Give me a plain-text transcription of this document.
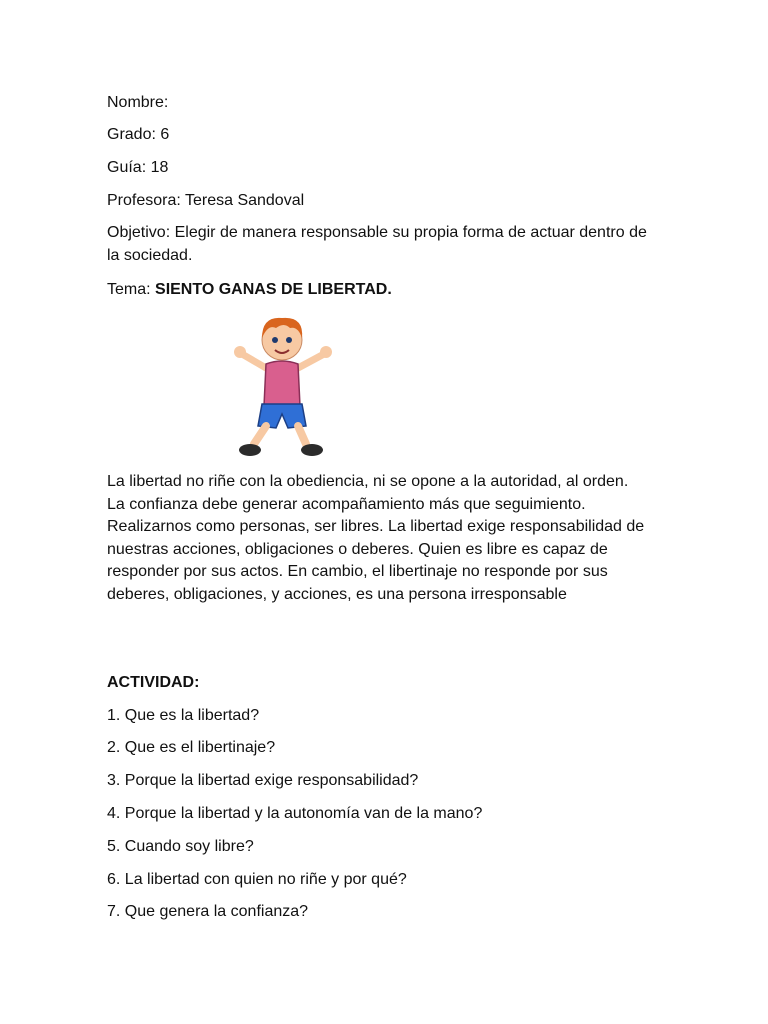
Nombre:
Grado: 6
Guía: 18
Profesora: Teresa Sandoval
Objetivo: Elegir de manera responsable su propia forma de actuar dentro de la sociedad.
Tema: SIENTO GANAS DE LIBERTAD.
La libertad no riñe con la obediencia, ni se opone a la autoridad, al orden. La confianza debe generar acompañamiento más que seguimiento. Realizarnos como personas, ser libres. La libertad exige responsabilidad de nuestras acciones, obligaciones o deberes. Quien es libre es capaz de responder por sus actos. En cambio, el libertinaje no responde por sus deberes, obligaciones, y acciones, es una persona irresponsable
ACTIVIDAD:
1. Que es la libertad?
2. Que es el libertinaje?
3. Porque la libertad exige responsabilidad?
4. Porque la libertad y la autonomía van de la mano?
5. Cuando soy libre?
6. La libertad con quien no riñe y por qué?
7. Que genera la confianza?
